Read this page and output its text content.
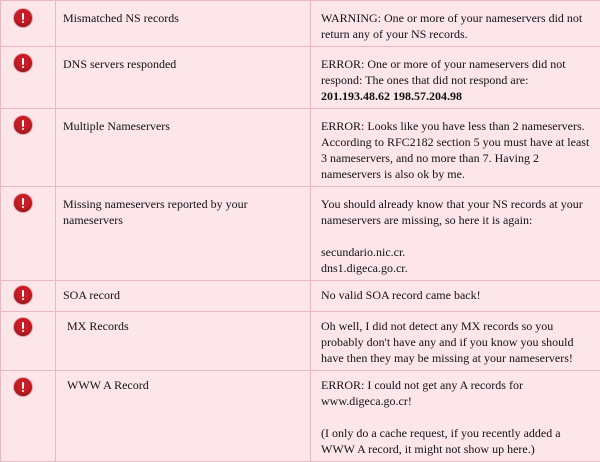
	Mismatched NS records	WARNING: One or more of your nameservers did not return any of your NS records.

	DNS servers responded	ERROR: One or more of your nameservers did not respond: The ones that did not respond are:
201.193.48.62 198.57.204.98

	Multiple Nameservers	ERROR: Looks like you have less than 2 nameservers. According to RFC2182 section 5 you must have at least 3 nameservers, and no more than 7. Having 2 nameservers is also ok by me.

	Missing nameservers reported by your nameservers	You should already know that your NS records at your nameservers are missing, so here it is again:
secundario.nic.cr.
dns1.digeca.go.cr.

	SOA record	No valid SOA record came back!

	MX Records	Oh well, I did not detect any MX records so you probably don't have any and if you know you should have then they may be missing at your nameservers!

	WWW A Record	ERROR: I could not get any A records for www.digeca.go.cr!
(I only do a cache request, if you recently added a WWW A record, it might not show up here.)
